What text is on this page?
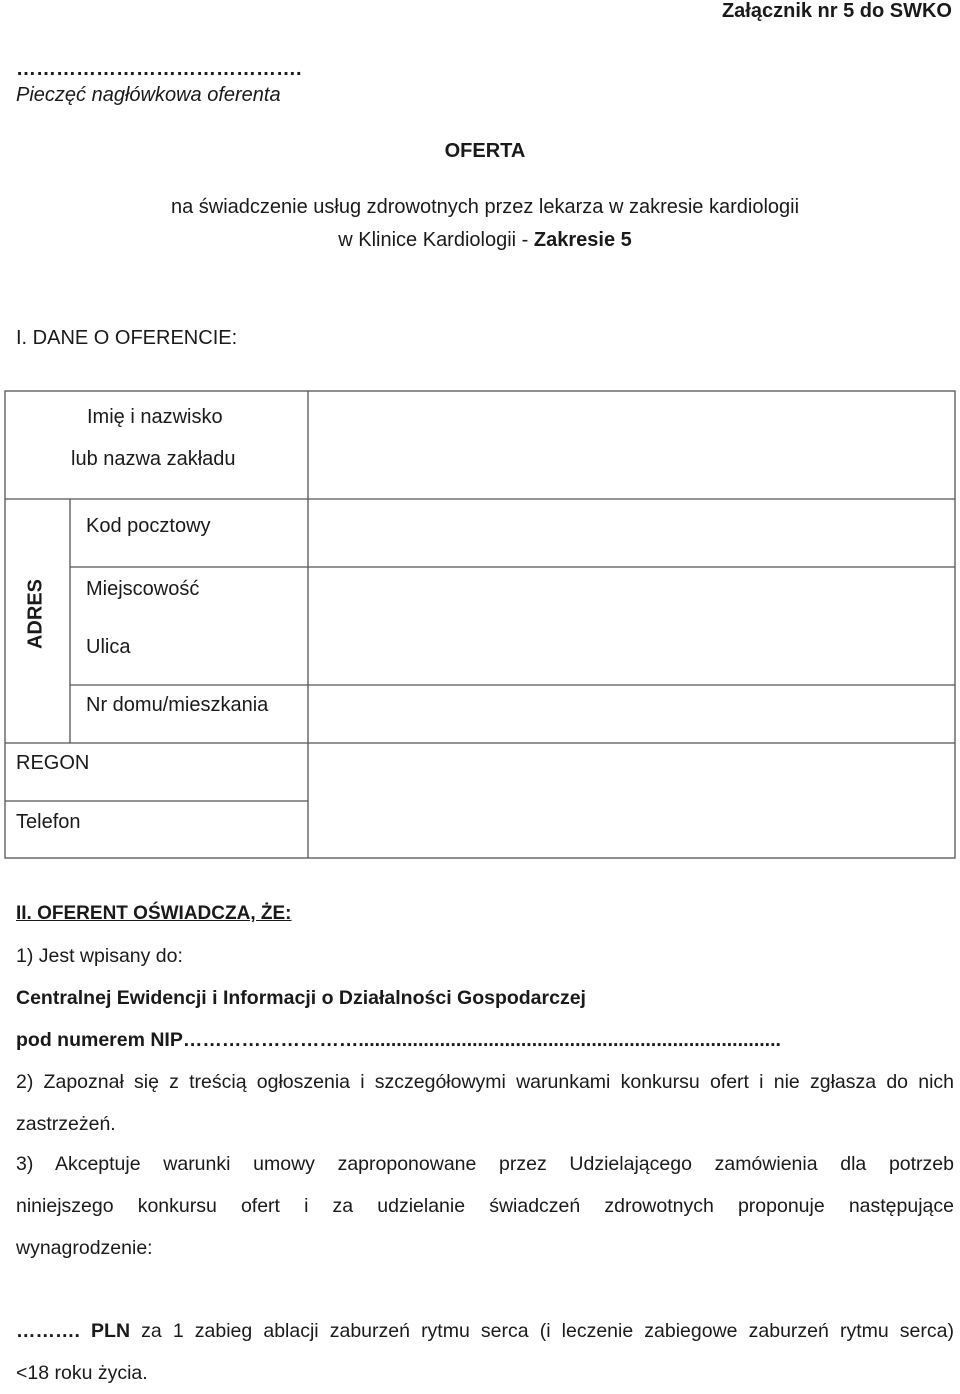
Załącznik nr 5 do SWKO
…………………………………….
Pieczęć nagłówkowa oferenta
OFERTA
na świadczenie usług zdrowotnych przez lekarza w zakresie kardiologii
w Klinice Kardiologii - Zakresie 5
I. DANE O OFERENCIE:
Imię i nazwisko
lub nazwa zakładu
ADRES
Kod pocztowy
Miejscowość
Ulica
Nr domu/mieszkania
REGON
Telefon
II. OFERENT OŚWIADCZA, ŻE:
1) Jest wpisany do:
Centralnej Ewidencji i Informacji o Działalności Gospodarczej
pod numerem NIP………………………..............................................................................
2) Zapoznał się z treścią ogłoszenia i szczegółowymi warunkami konkursu ofert i nie zgłasza do nich
zastrzeżeń.
3) Akceptuje warunki umowy zaproponowane przez Udzielającego zamówienia dla potrzeb
niniejszego konkursu ofert i za udzielanie świadczeń zdrowotnych proponuje następujące
wynagrodzenie:
………. PLN za 1 zabieg ablacji zaburzeń rytmu serca (i leczenie zabiegowe zaburzeń rytmu serca)
<18 roku życia.
